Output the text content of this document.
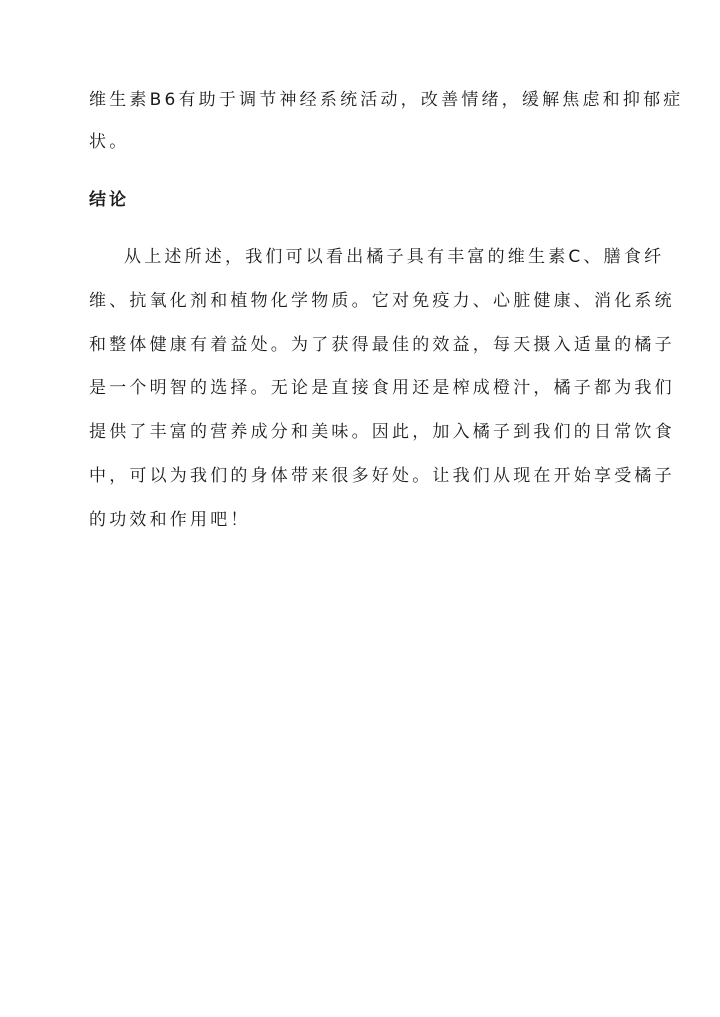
维生素B6有助于调节神经系统活动，改善情绪，缓解焦虑和抑郁症
状。
结论
从上述所述，我们可以看出橘子具有丰富的维生素C、膳食纤
维、抗氧化剂和植物化学物质。它对免疫力、心脏健康、消化系统
和整体健康有着益处。为了获得最佳的效益，每天摄入适量的橘子
是一个明智的选择。无论是直接食用还是榨成橙汁，橘子都为我们
提供了丰富的营养成分和美味。因此，加入橘子到我们的日常饮食
中，可以为我们的身体带来很多好处。让我们从现在开始享受橘子
的功效和作用吧！
